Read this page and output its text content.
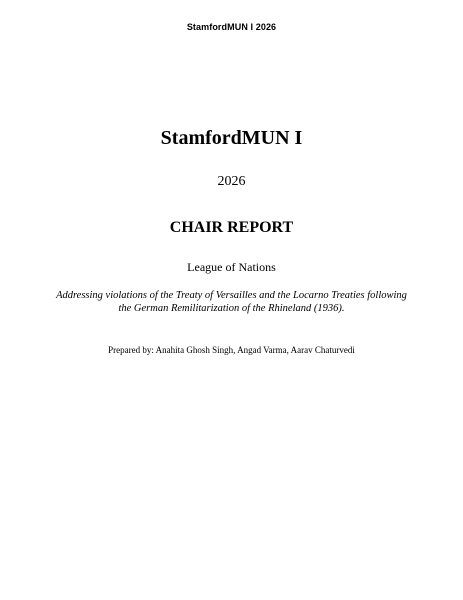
StamfordMUN I 2026
StamfordMUN I
2026
CHAIR REPORT
League of Nations
Addressing violations of the Treaty of Versailles and the Locarno Treaties following
the German Remilitarization of the Rhineland (1936).
Prepared by: Anahita Ghosh Singh, Angad Varma, Aarav Chaturvedi
